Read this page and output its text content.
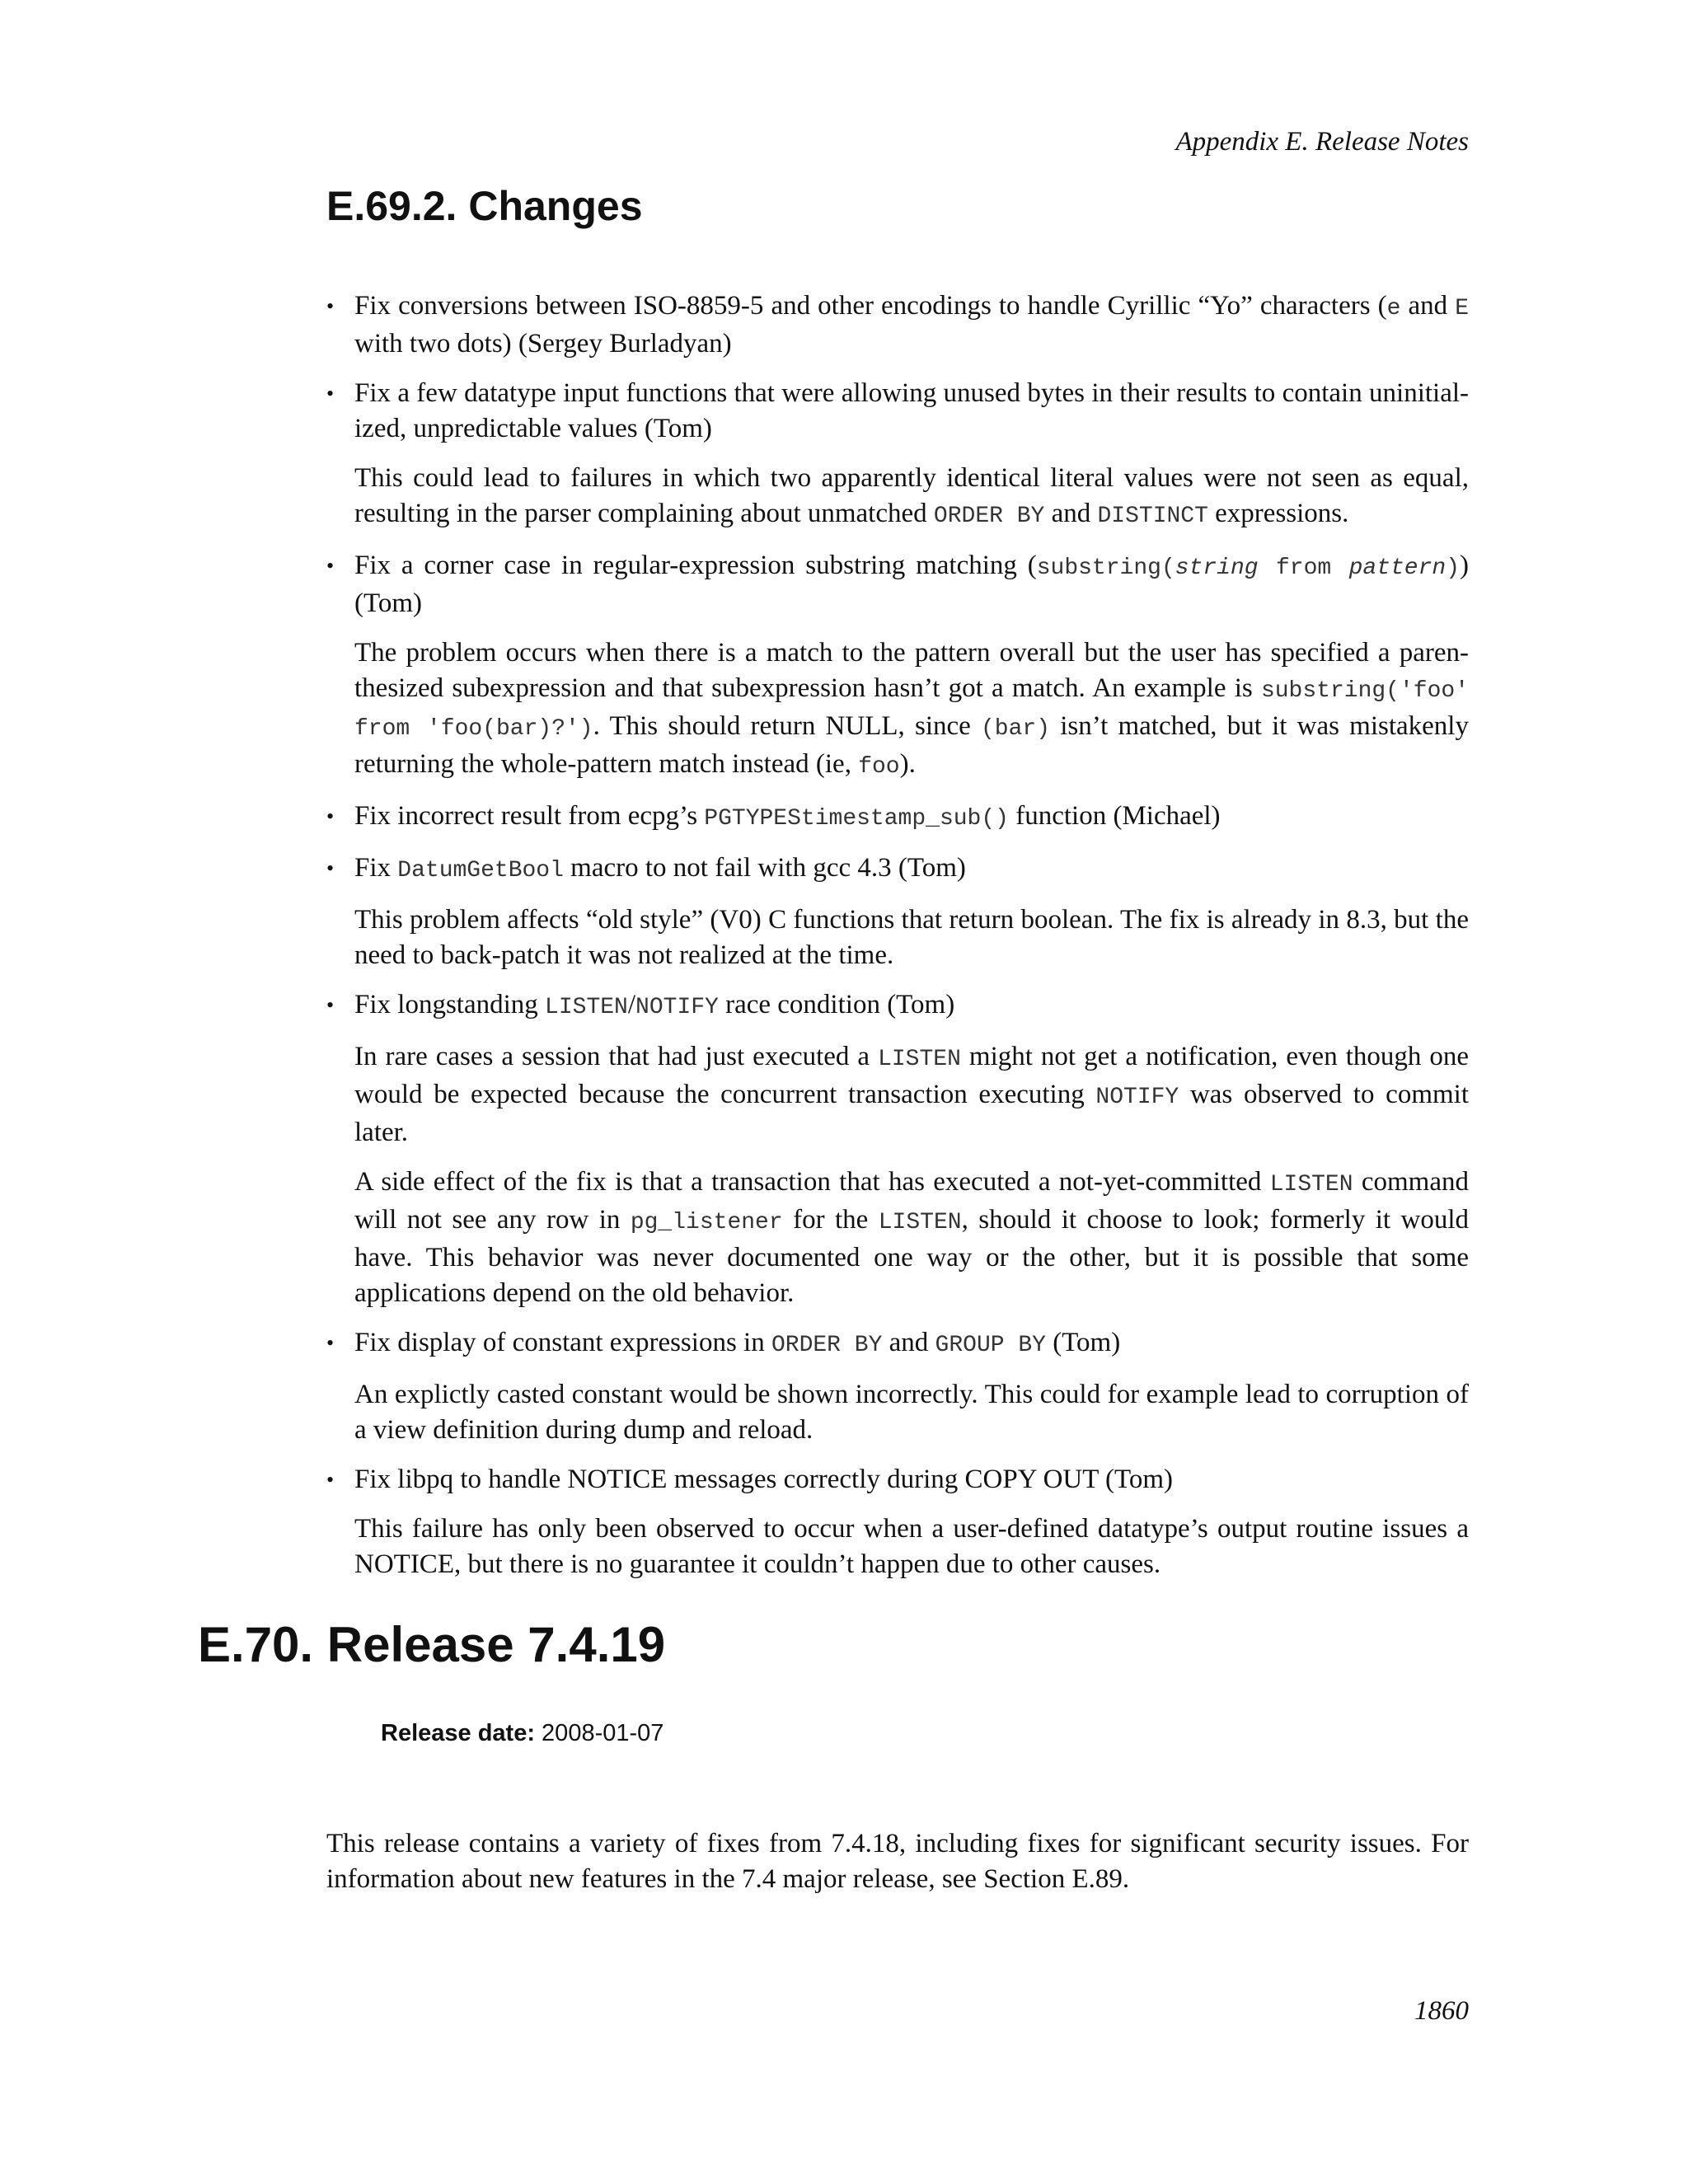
Appendix E. Release Notes
E.69.2. Changes
• Fix conversions between ISO-8859-5 and other encodings to handle Cyrillic “Yo” characters (e and E with two dots) (Sergey Burladyan)

• Fix a few datatype input functions that were allowing unused bytes in their results to contain uninitial-ized, unpredictable values (Tom)

This could lead to failures in which two apparently identical literal values were not seen as equal, resulting in the parser complaining about unmatched ORDER BY and DISTINCT expressions.

• Fix a corner case in regular-expression substring matching (substring(string from pattern)) (Tom)

The problem occurs when there is a match to the pattern overall but the user has specified a paren-thesized subexpression and that subexpression hasn’t got a match. An example is substring('foo' from 'foo(bar)?'). This should return NULL, since (bar) isn’t matched, but it was mistakenly returning the whole-pattern match instead (ie, foo).

• Fix incorrect result from ecpg’s PGTYPEStimestamp_sub() function (Michael)

• Fix DatumGetBool macro to not fail with gcc 4.3 (Tom)

This problem affects “old style” (V0) C functions that return boolean. The fix is already in 8.3, but the need to back-patch it was not realized at the time.

• Fix longstanding LISTEN/NOTIFY race condition (Tom)

In rare cases a session that had just executed a LISTEN might not get a notification, even though one would be expected because the concurrent transaction executing NOTIFY was observed to commit later.

A side effect of the fix is that a transaction that has executed a not-yet-committed LISTEN command will not see any row in pg_listener for the LISTEN, should it choose to look; formerly it would have. This behavior was never documented one way or the other, but it is possible that some applications depend on the old behavior.

• Fix display of constant expressions in ORDER BY and GROUP BY (Tom)

An explictly casted constant would be shown incorrectly. This could for example lead to corruption of a view definition during dump and reload.

• Fix libpq to handle NOTICE messages correctly during COPY OUT (Tom)

This failure has only been observed to occur when a user-defined datatype’s output routine issues a NOTICE, but there is no guarantee it couldn’t happen due to other causes.

E.70. Release 7.4.19
Release date: 2008-01-07

This release contains a variety of fixes from 7.4.18, including fixes for significant security issues. For information about new features in the 7.4 major release, see Section E.89.

1860
